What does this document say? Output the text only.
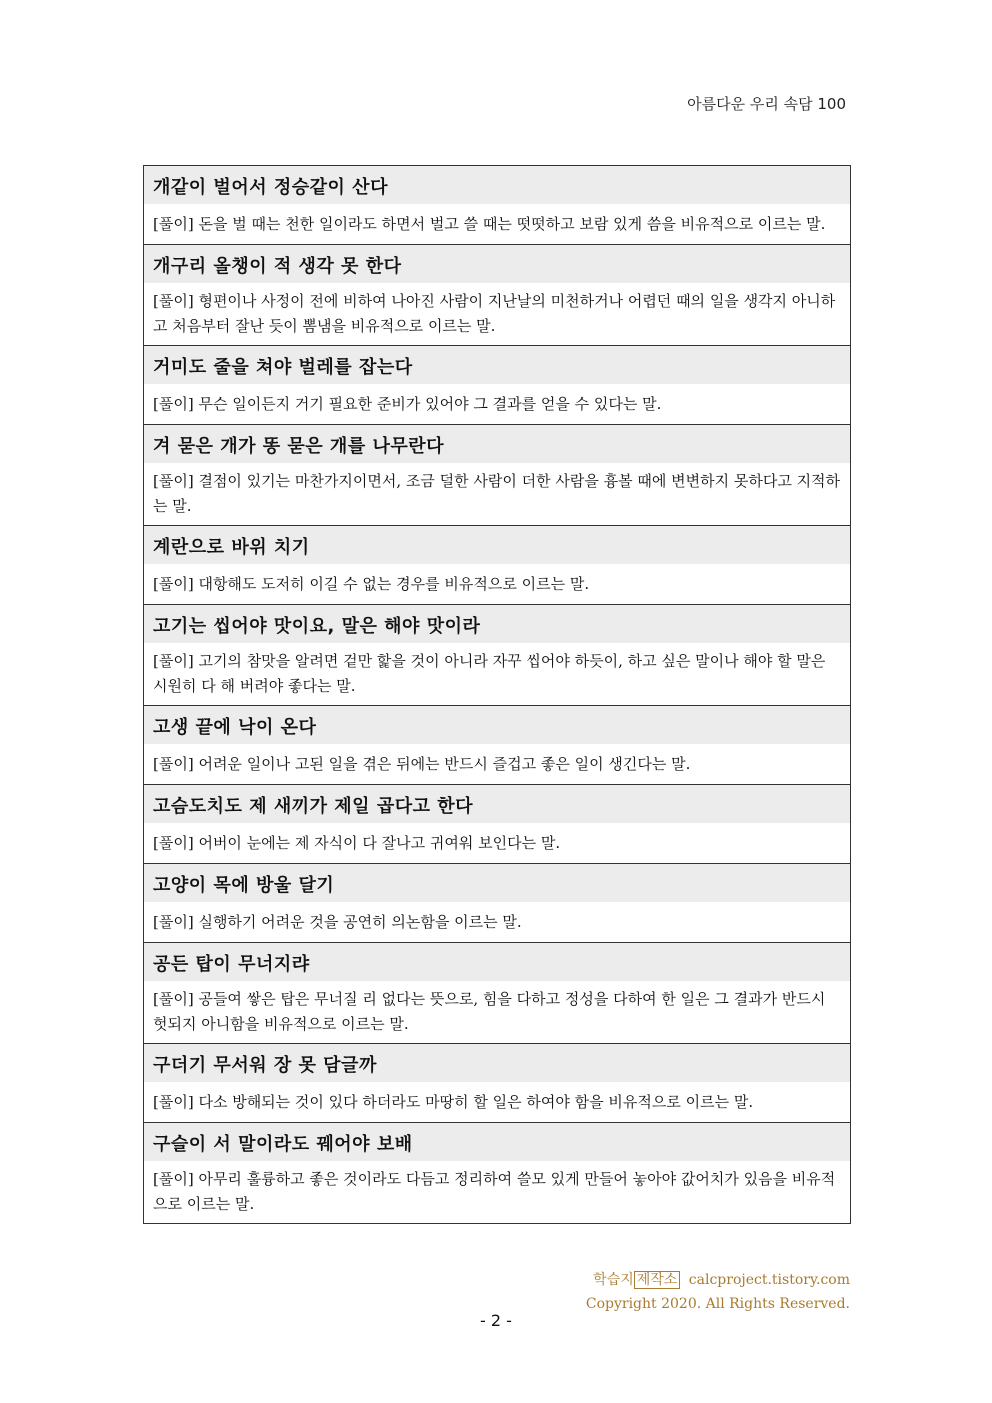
아름다운 우리 속담 100
개같이 벌어서 정승같이 산다
[풀이] 돈을 벌 때는 천한 일이라도 하면서 벌고 쓸 때는 떳떳하고 보람 있게 씀을 비유적으로 이르는 말.
개구리 올챙이 적 생각 못 한다
[풀이] 형편이나 사정이 전에 비하여 나아진 사람이 지난날의 미천하거나 어렵던 때의 일을 생각지 아니하고 처음부터 잘난 듯이 뽐냄을 비유적으로 이르는 말.
거미도 줄을 쳐야 벌레를 잡는다
[풀이] 무슨 일이든지 거기 필요한 준비가 있어야 그 결과를 얻을 수 있다는 말.
겨 묻은 개가 똥 묻은 개를 나무란다
[풀이] 결점이 있기는 마찬가지이면서, 조금 덜한 사람이 더한 사람을 흉볼 때에 변변하지 못하다고 지적하는 말.
계란으로 바위 치기
[풀이] 대항해도 도저히 이길 수 없는 경우를 비유적으로 이르는 말.
고기는 씹어야 맛이요, 말은 해야 맛이라
[풀이] 고기의 참맛을 알려면 겉만 핥을 것이 아니라 자꾸 씹어야 하듯이, 하고 싶은 말이나 해야 할 말은 시원히 다 해 버려야 좋다는 말.
고생 끝에 낙이 온다
[풀이] 어려운 일이나 고된 일을 겪은 뒤에는 반드시 즐겁고 좋은 일이 생긴다는 말.
고슴도치도 제 새끼가 제일 곱다고 한다
[풀이] 어버이 눈에는 제 자식이 다 잘나고 귀여워 보인다는 말.
고양이 목에 방울 달기
[풀이] 실행하기 어려운 것을 공연히 의논함을 이르는 말.
공든 탑이 무너지랴
[풀이] 공들여 쌓은 탑은 무너질 리 없다는 뜻으로, 힘을 다하고 정성을 다하여 한 일은 그 결과가 반드시 헛되지 아니함을 비유적으로 이르는 말.
구더기 무서워 장 못 담글까
[풀이] 다소 방해되는 것이 있다 하더라도 마땅히 할 일은 하여야 함을 비유적으로 이르는 말.
구슬이 서 말이라도 꿰어야 보배
[풀이] 아무리 훌륭하고 좋은 것이라도 다듬고 정리하여 쓸모 있게 만들어 놓아야 값어치가 있음을 비유적으로 이르는 말.
학습지 제작소 calcproject.tistory.com
Copyright 2020. All Rights Reserved.
- 2 -
